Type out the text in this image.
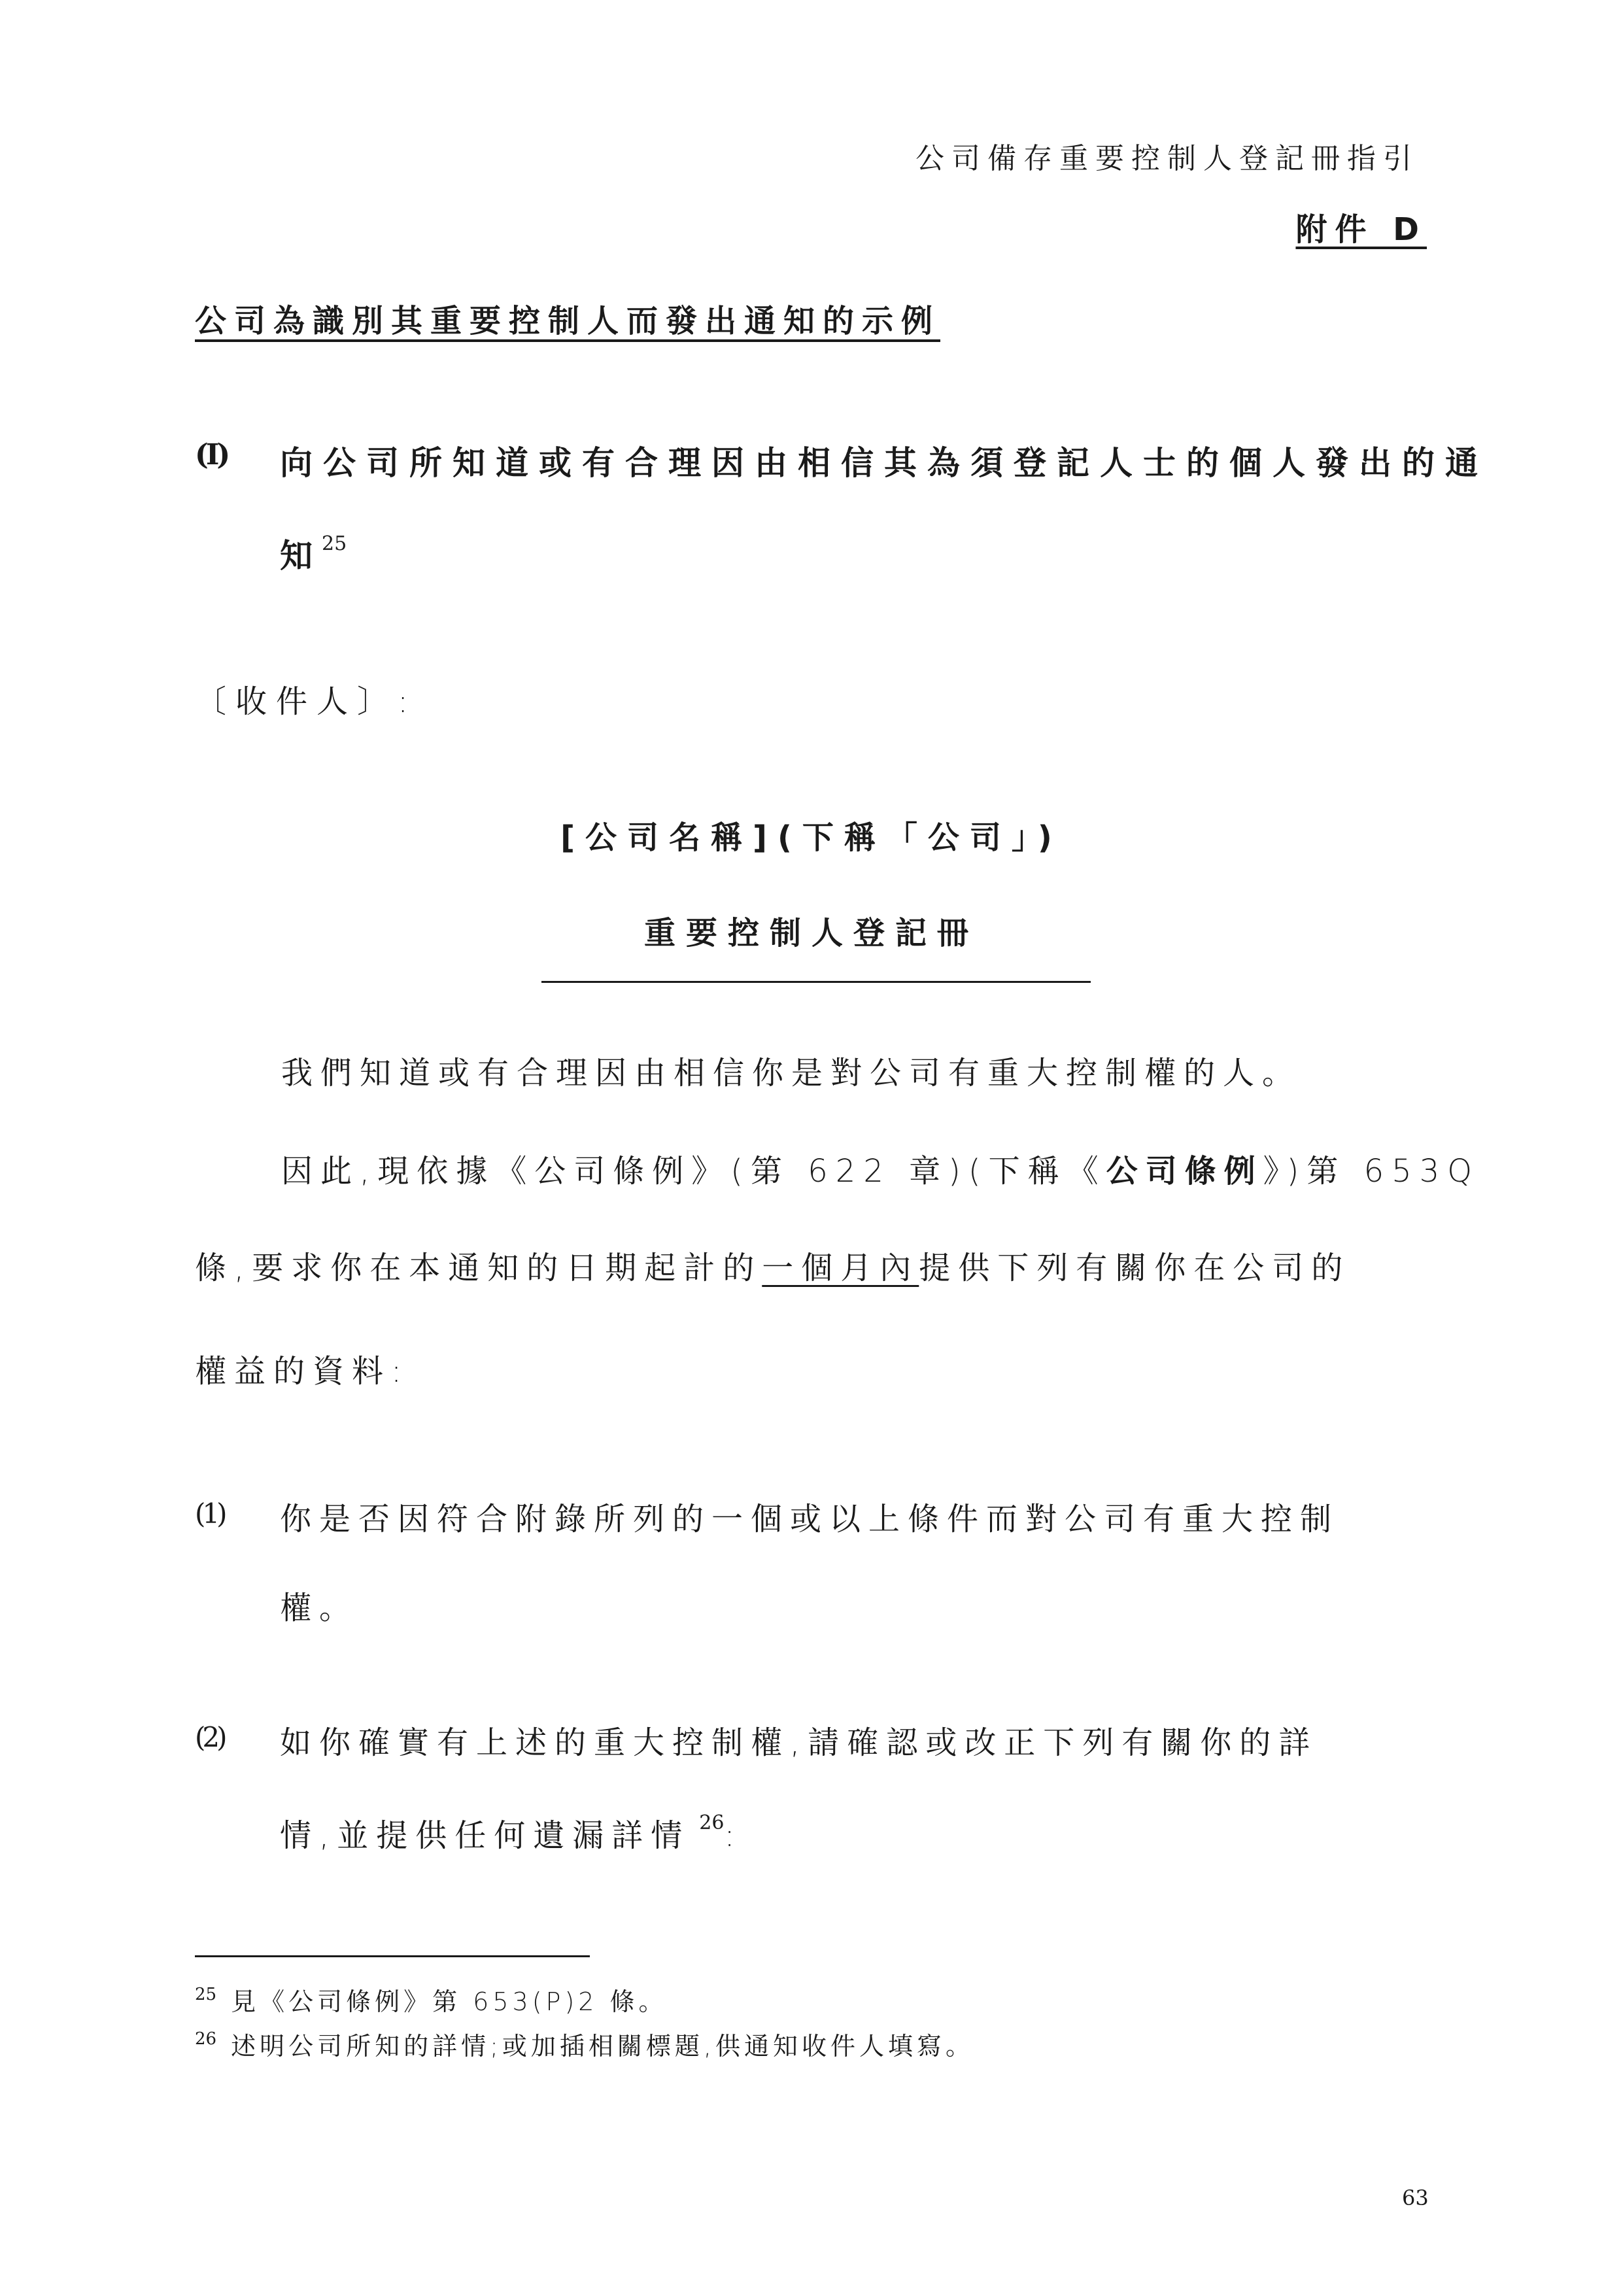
公司備存重要控制人登記冊指引
附件 D
公司為識別其重要控制人而發出通知的示例
(I) 向公司所知道或有合理因由相信其為須登記人士的個人發出的通
知 $^{25}$
〔收件人〕:
[公司名稱](下稱「公司」)
重要控制人登記冊
我們知道或有合理因由相信你是對公司有重大控制權的人。
因此,現依據《公司條例》(第 622 章)(下稱《公司條例》)第 653Q
條,要求你在本通知的日期起計的一個月內提供下列有關你在公司的
權益的資料:
(1) 你是否因符合附錄所列的一個或以上條件而對公司有重大控制
權。
(2) 如你確實有上述的重大控制權,請確認或改正下列有關你的詳
情,並提供任何遺漏詳情 $^{26}$:
$^{25}$ 見《公司條例》第 653(P)2 條。
$^{26}$ 述明公司所知的詳情;或加插相關標題,供通知收件人填寫。
63
